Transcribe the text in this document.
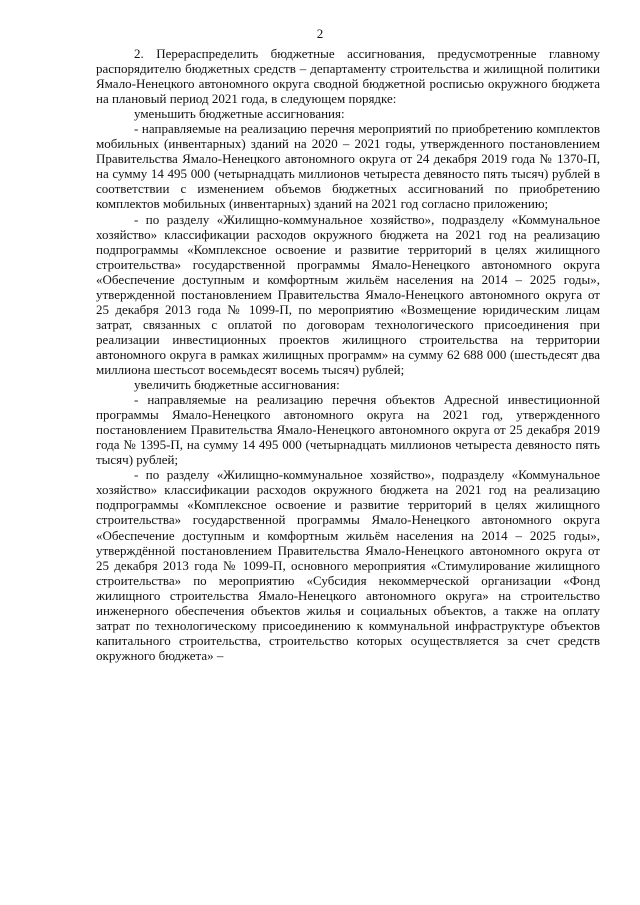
2

2. Перераспределить бюджетные ассигнования, предусмотренные главному распорядителю бюджетных средств – департаменту строительства и жилищной политики Ямало-Ненецкого автономного округа сводной бюджетной росписью окружного бюджета на плановый период 2021 года, в следующем порядке:

уменьшить бюджетные ассигнования:

- направляемые на реализацию перечня мероприятий по приобретению комплектов мобильных (инвентарных) зданий на 2020 – 2021 годы, утвержденного постановлением Правительства Ямало-Ненецкого автономного округа от 24 декабря 2019 года № 1370-П, на сумму 14 495 000 (четырнадцать миллионов четыреста девяносто пять тысяч) рублей в соответствии с изменением объемов бюджетных ассигнований по приобретению комплектов мобильных (инвентарных) зданий на 2021 год согласно приложению;

- по разделу «Жилищно-коммунальное хозяйство», подразделу «Коммунальное хозяйство» классификации расходов окружного бюджета на 2021 год на реализацию подпрограммы «Комплексное освоение и развитие территорий в целях жилищного строительства» государственной программы Ямало-Ненецкого автономного округа «Обеспечение доступным и комфортным жильём населения на 2014 – 2025 годы», утвержденной постановлением Правительства Ямало-Ненецкого автономного округа от 25 декабря 2013 года № 1099-П, по мероприятию «Возмещение юридическим лицам затрат, связанных с оплатой по договорам технологического присоединения при реализации инвестиционных проектов жилищного строительства на территории автономного округа в рамках жилищных программ» на сумму 62 688 000 (шестьдесят два миллиона шестьсот восемьдесят восемь тысяч) рублей;

увеличить бюджетные ассигнования:

- направляемые на реализацию перечня объектов Адресной инвестиционной программы Ямало-Ненецкого автономного округа на 2021 год, утвержденного постановлением Правительства Ямало-Ненецкого автономного округа от 25 декабря 2019 года № 1395-П, на сумму 14 495 000 (четырнадцать миллионов четыреста девяносто пять тысяч) рублей;

- по разделу «Жилищно-коммунальное хозяйство», подразделу «Коммунальное хозяйство» классификации расходов окружного бюджета на 2021 год на реализацию подпрограммы «Комплексное освоение и развитие территорий в целях жилищного строительства» государственной программы Ямало-Ненецкого автономного округа «Обеспечение доступным и комфортным жильём населения на 2014 – 2025 годы», утверждённой постановлением Правительства Ямало-Ненецкого автономного округа от 25 декабря 2013 года № 1099-П, основного мероприятия «Стимулирование жилищного строительства» по мероприятию «Субсидия некоммерческой организации «Фонд жилищного строительства Ямало-Ненецкого автономного округа» на строительство инженерного обеспечения объектов жилья и социальных объектов, а также на оплату затрат по технологическому присоединению к коммунальной инфраструктуре объектов капитального строительства, строительство которых осуществляется за счет средств окружного бюджета» –
